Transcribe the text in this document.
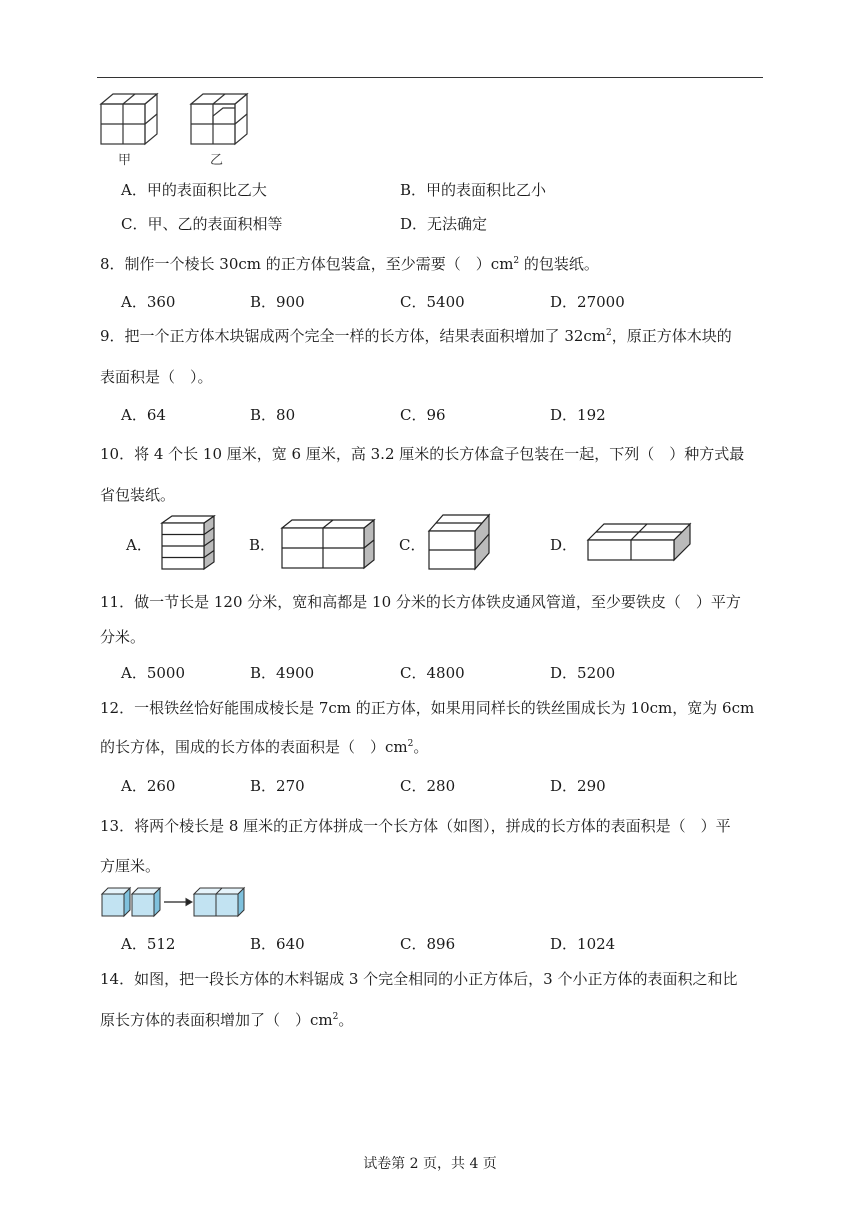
甲	乙
A．甲的表面积比乙大	B．甲的表面积比乙小
C．甲、乙的表面积相等	D．无法确定
8．制作一个棱长 30cm 的正方体包装盒，至少需要（　）$cm^2$ 的包装纸。
A．360	B．900	C．5400	D．27000
9．把一个正方体木块锯成两个完全一样的长方体，结果表面积增加了 $32cm^2$，原正方体木块的
表面积是（　）。
A．64	B．80	C．96	D．192
10．将 4 个长 10 厘米，宽 6 厘米，高 3.2 厘米的长方体盒子包装在一起，下列（　）种方式最
省包装纸。
A．	B．	C．	D．
11．做一节长是 120 分米，宽和高都是 10 分米的长方体铁皮通风管道，至少要铁皮（　）平方
分米。
A．5000	B．4900	C．4800	D．5200
12．一根铁丝恰好能围成棱长是 7cm 的正方体，如果用同样长的铁丝围成长为 10cm，宽为 6cm
的长方体，围成的长方体的表面积是（　）$cm^2$。
A．260	B．270	C．280	D．290
13．将两个棱长是 8 厘米的正方体拼成一个长方体（如图），拼成的长方体的表面积是（　）平
方厘米。
A．512	B．640	C．896	D．1024
14．如图，把一段长方体的木料锯成 3 个完全相同的小正方体后，3 个小正方体的表面积之和比
原长方体的表面积增加了（　）$cm^2$。
试卷第 2 页，共 4 页
